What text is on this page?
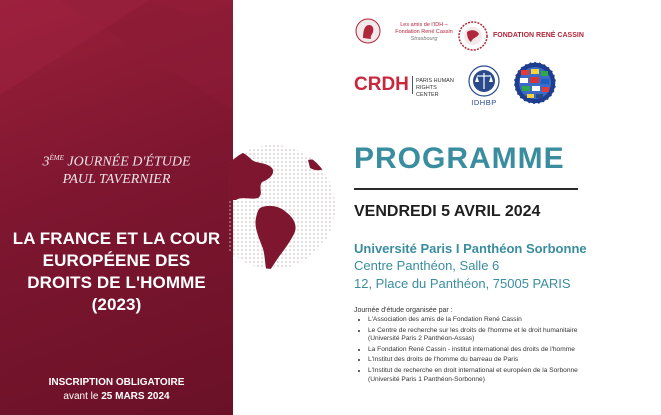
3ÈME JOURNÉE D'ÉTUDE
PAUL TAVERNIER
LA FRANCE ET LA COUR
EUROPÉENE DES
DROITS DE L'HOMME
(2023)
INSCRIPTION OBLIGATOIRE
avant le 25 MARS 2024
Les amis de l'IDH –
Fondation René Cassin
Strasbourg	FONDATION RENÉ CASSIN
CRDH PARIS HUMAN
RIGHTS CENTER
IDHBP
PROGRAMME
VENDREDI 5 AVRIL 2024
Université Paris I Panthéon Sorbonne
Centre Panthéon, Salle 6
12, Place du Panthéon, 75005 PARIS
Journée d'étude organisée par :
• L'Association des amis de la Fondation René Cassin
• Le Centre de recherche sur les droits de l'homme et le droit humanitaire (Université Paris 2 Panthéon-Assas)
• La Fondation René Cassin - institut international des droits de l'homme
• L'Institut des droits de l'homme du barreau de Paris
• L'Institut de recherche en droit international et européen de la Sorbonne (Université Paris 1 Panthéon-Sorbonne)
